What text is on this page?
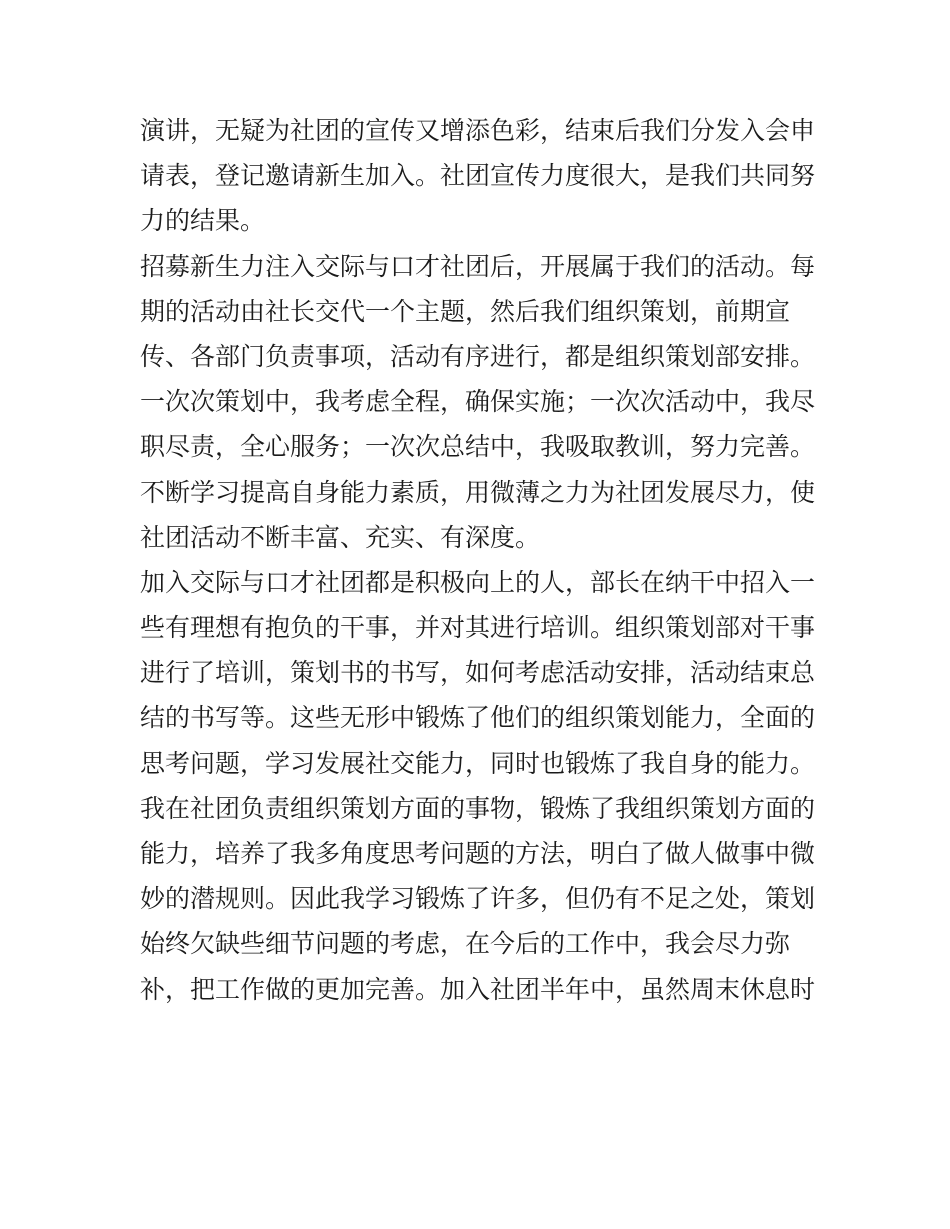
演讲，无疑为社团的宣传又增添色彩，结束后我们分发入会申
请表，登记邀请新生加入。社团宣传力度很大，是我们共同努
力的结果。
招募新生力注入交际与口才社团后，开展属于我们的活动。每
期的活动由社长交代一个主题，然后我们组织策划，前期宣
传、各部门负责事项，活动有序进行，都是组织策划部安排。
一次次策划中，我考虑全程，确保实施；一次次活动中，我尽
职尽责，全心服务；一次次总结中，我吸取教训，努力完善。
不断学习提高自身能力素质，用微薄之力为社团发展尽力，使
社团活动不断丰富、充实、有深度。
加入交际与口才社团都是积极向上的人，部长在纳干中招入一
些有理想有抱负的干事，并对其进行培训。组织策划部对干事
进行了培训，策划书的书写，如何考虑活动安排，活动结束总
结的书写等。这些无形中锻炼了他们的组织策划能力，全面的
思考问题，学习发展社交能力，同时也锻炼了我自身的能力。
我在社团负责组织策划方面的事物，锻炼了我组织策划方面的
能力，培养了我多角度思考问题的方法，明白了做人做事中微
妙的潜规则。因此我学习锻炼了许多，但仍有不足之处，策划
始终欠缺些细节问题的考虑，在今后的工作中，我会尽力弥
补，把工作做的更加完善。加入社团半年中，虽然周末休息时
